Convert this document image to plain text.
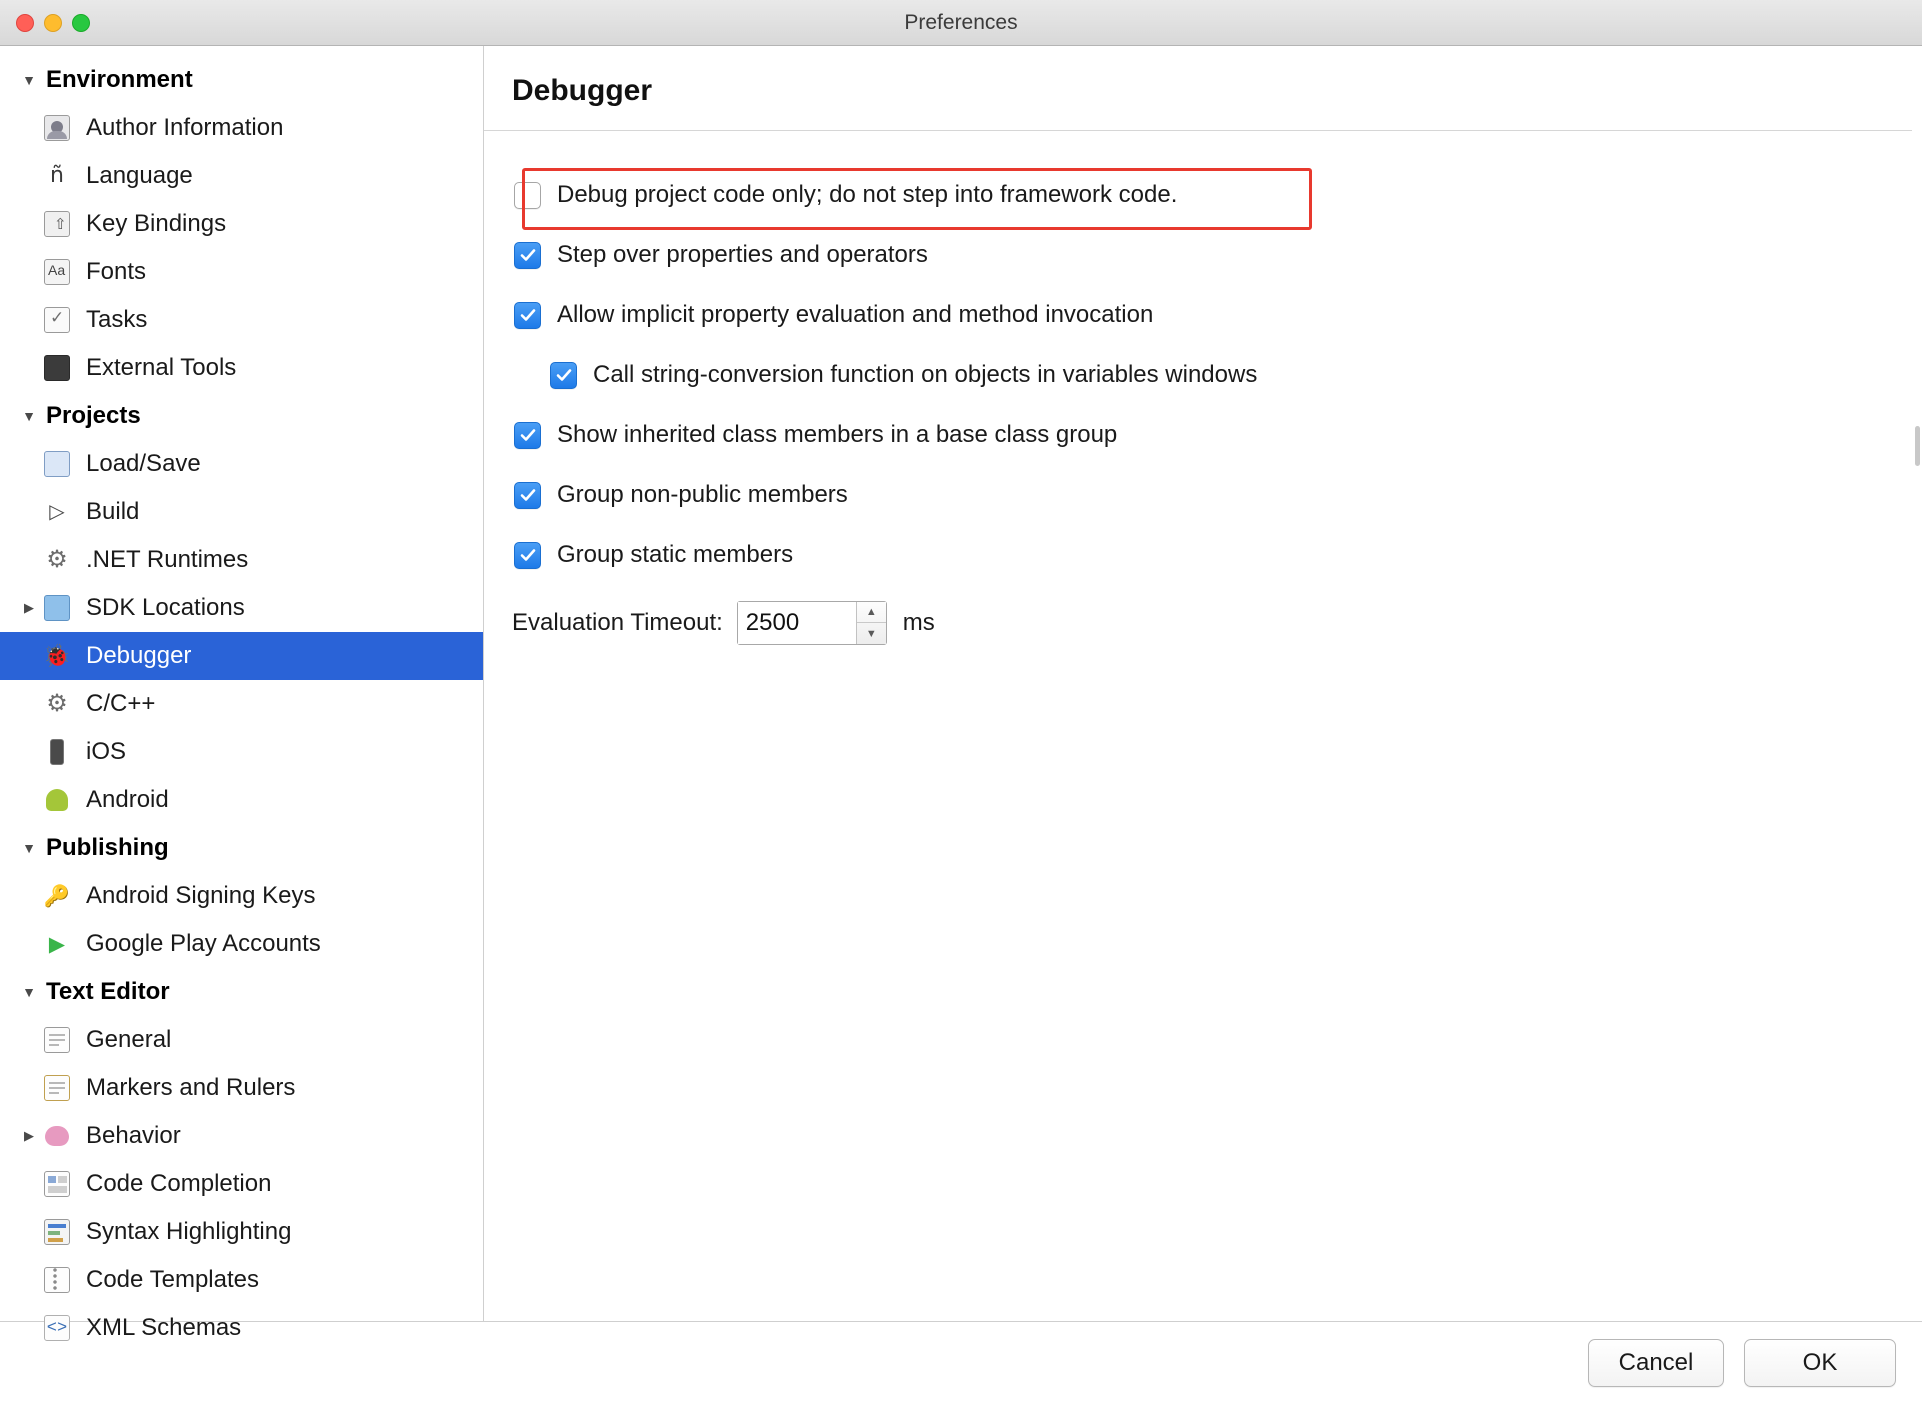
Preferences
▼ Environment
Author Information
ñ Language
⇧ Key Bindings
Aa Fonts
✓ Tasks
External Tools
▼ Projects
Load/Save
▷ Build
⚙ .NET Runtimes
▶ SDK Locations
🐞 Debugger
⚙ C/C++
iOS
Android
▼ Publishing
🔑 Android Signing Keys
▶ Google Play Accounts
▼ Text Editor
General
Markers and Rulers
▶ Behavior
Code Completion
Syntax Highlighting
Code Templates
<> XML Schemas
Debugger
Debug project code only; do not step into framework code.
Step over properties and operators
Allow implicit property evaluation and method invocation
Call string-conversion function on objects in variables windows
Show inherited class members in a base class group
Group non-public members
Group static members
Evaluation Timeout:
2500	▲
▼	ms
Cancel	OK
